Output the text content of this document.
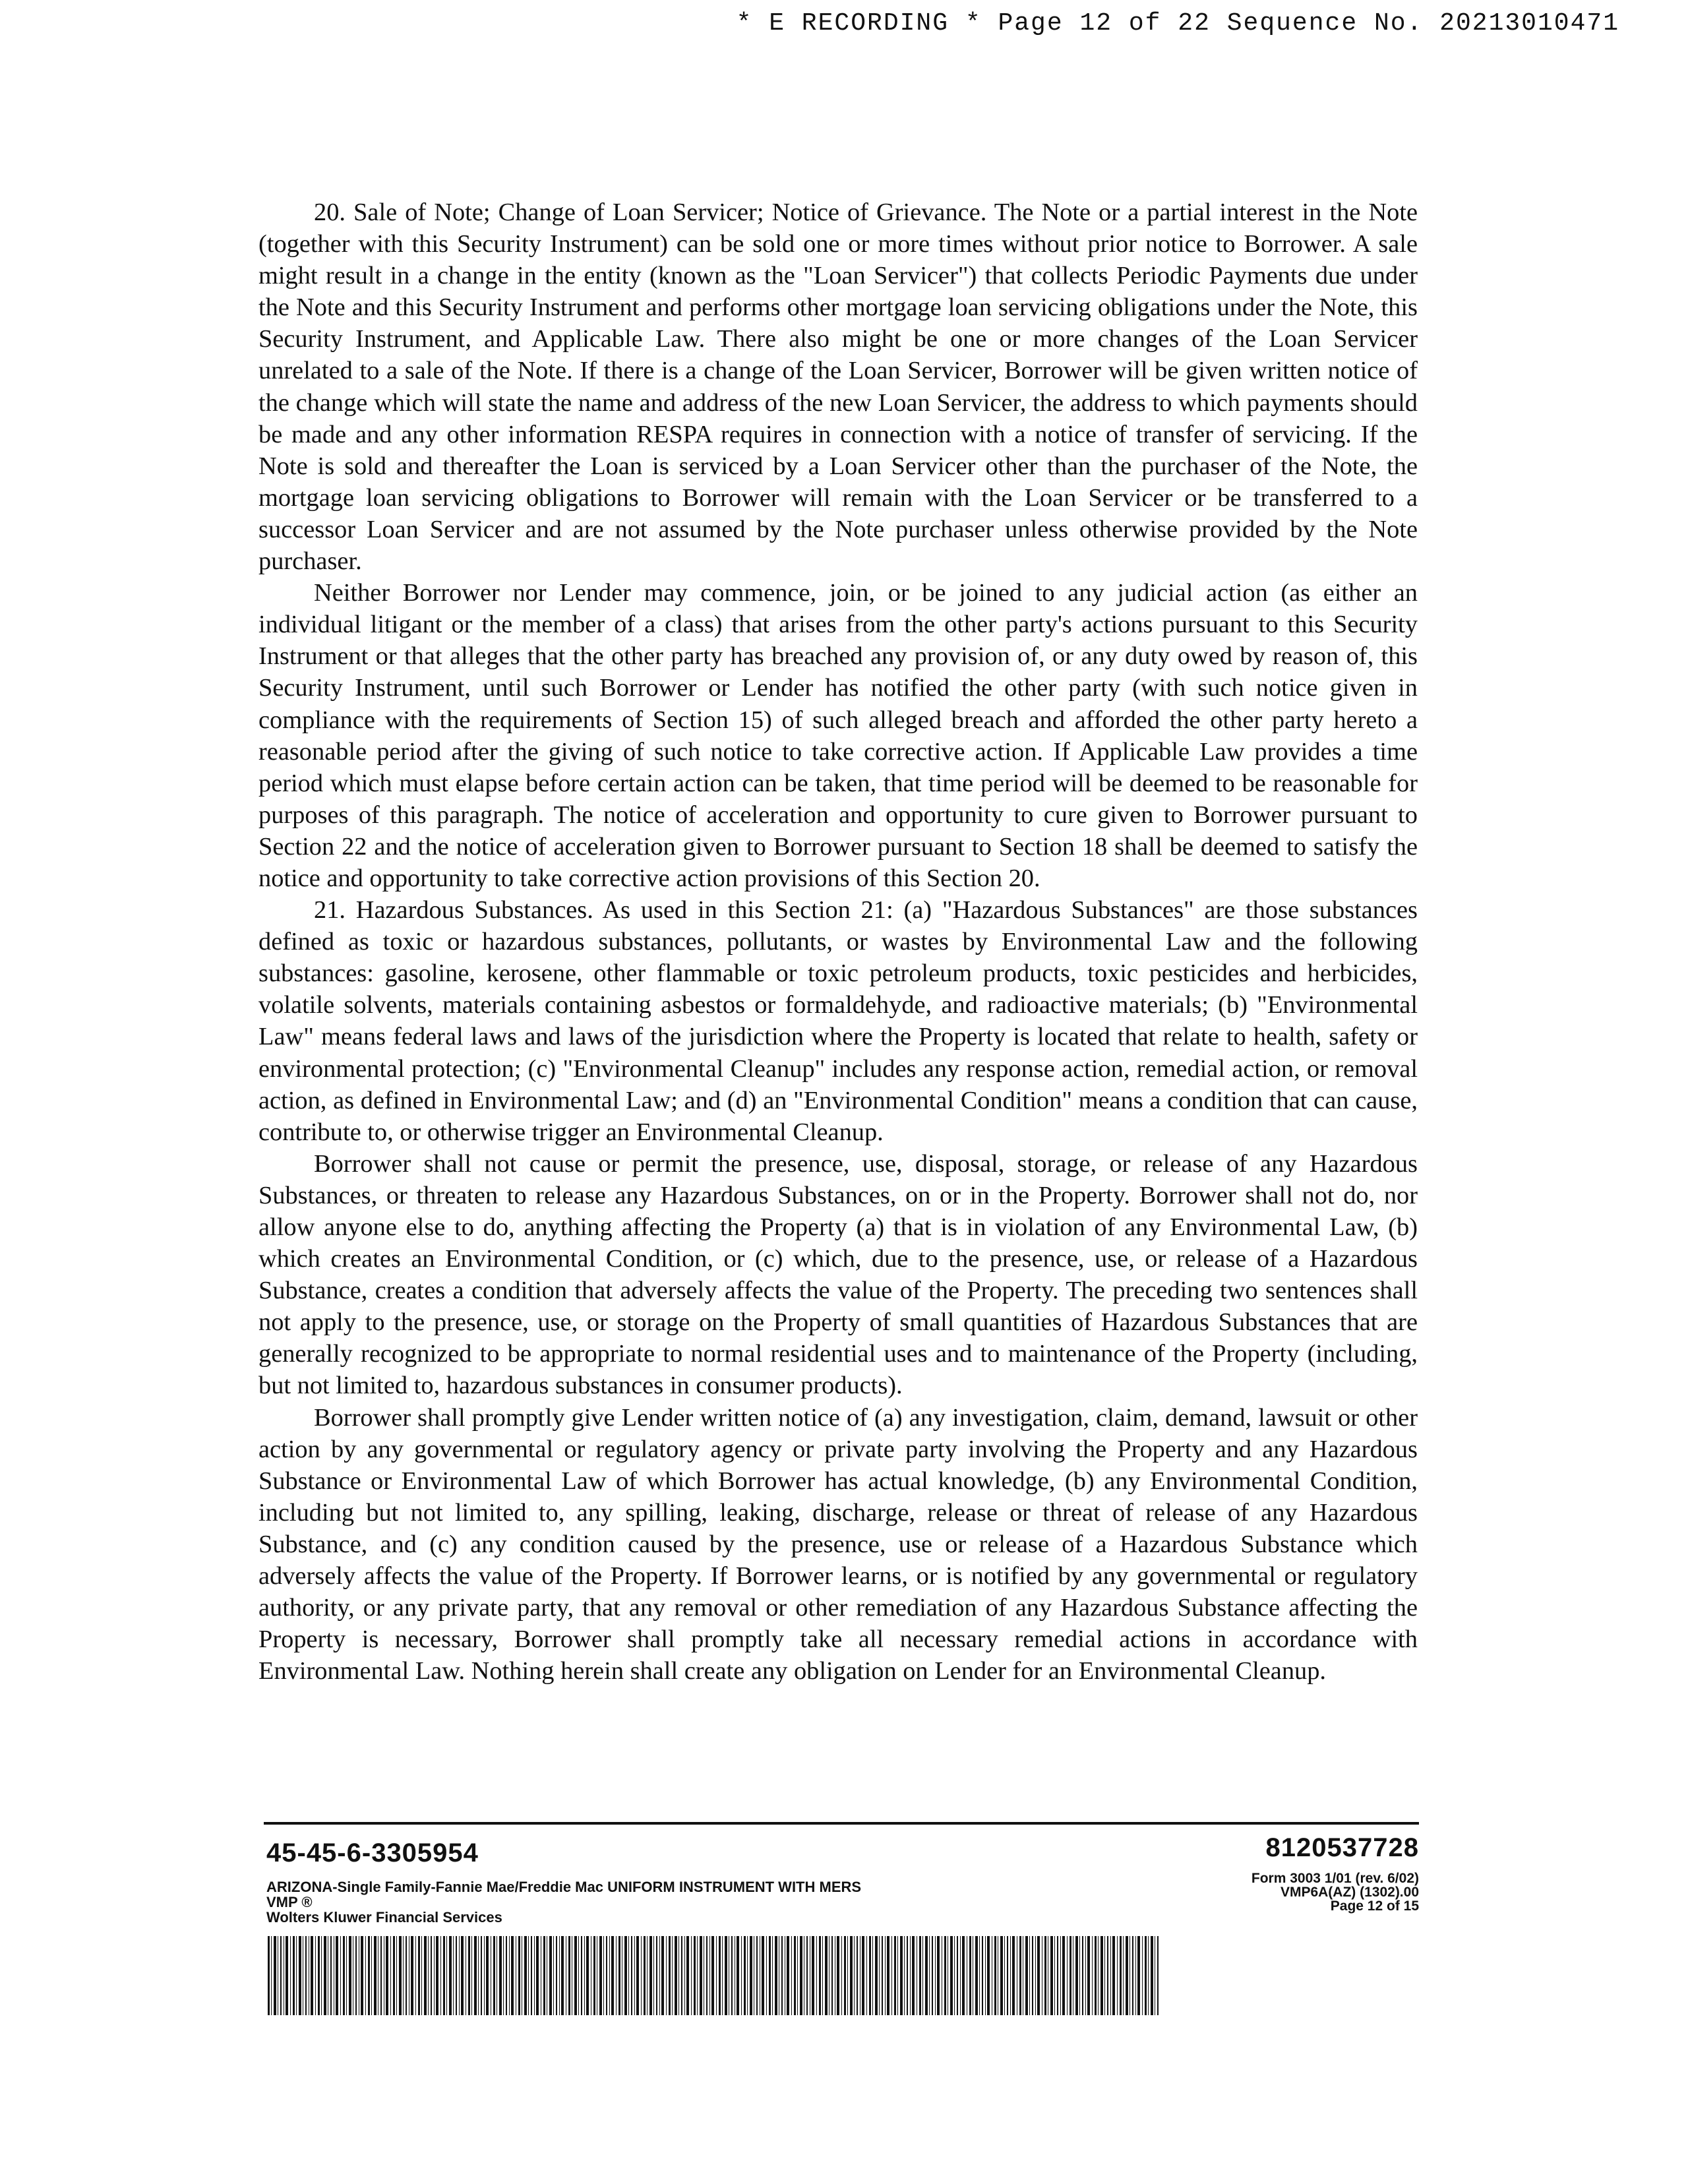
* E RECORDING * Page 12 of 22 Sequence No. 20213010471

20. Sale of Note; Change of Loan Servicer; Notice of Grievance. The Note or a partial interest in the Note (together with this Security Instrument) can be sold one or more times without prior notice to Borrower. A sale might result in a change in the entity (known as the "Loan Servicer") that collects Periodic Payments due under the Note and this Security Instrument and performs other mortgage loan servicing obligations under the Note, this Security Instrument, and Applicable Law. There also might be one or more changes of the Loan Servicer unrelated to a sale of the Note. If there is a change of the Loan Servicer, Borrower will be given written notice of the change which will state the name and address of the new Loan Servicer, the address to which payments should be made and any other information RESPA requires in connection with a notice of transfer of servicing. If the Note is sold and thereafter the Loan is serviced by a Loan Servicer other than the purchaser of the Note, the mortgage loan servicing obligations to Borrower will remain with the Loan Servicer or be transferred to a successor Loan Servicer and are not assumed by the Note purchaser unless otherwise provided by the Note purchaser.

Neither Borrower nor Lender may commence, join, or be joined to any judicial action (as either an individual litigant or the member of a class) that arises from the other party's actions pursuant to this Security Instrument or that alleges that the other party has breached any provision of, or any duty owed by reason of, this Security Instrument, until such Borrower or Lender has notified the other party (with such notice given in compliance with the requirements of Section 15) of such alleged breach and afforded the other party hereto a reasonable period after the giving of such notice to take corrective action. If Applicable Law provides a time period which must elapse before certain action can be taken, that time period will be deemed to be reasonable for purposes of this paragraph. The notice of acceleration and opportunity to cure given to Borrower pursuant to Section 22 and the notice of acceleration given to Borrower pursuant to Section 18 shall be deemed to satisfy the notice and opportunity to take corrective action provisions of this Section 20.

21. Hazardous Substances. As used in this Section 21: (a) "Hazardous Substances" are those substances defined as toxic or hazardous substances, pollutants, or wastes by Environmental Law and the following substances: gasoline, kerosene, other flammable or toxic petroleum products, toxic pesticides and herbicides, volatile solvents, materials containing asbestos or formaldehyde, and radioactive materials; (b) "Environmental Law" means federal laws and laws of the jurisdiction where the Property is located that relate to health, safety or environmental protection; (c) "Environmental Cleanup" includes any response action, remedial action, or removal action, as defined in Environmental Law; and (d) an "Environmental Condition" means a condition that can cause, contribute to, or otherwise trigger an Environmental Cleanup.

Borrower shall not cause or permit the presence, use, disposal, storage, or release of any Hazardous Substances, or threaten to release any Hazardous Substances, on or in the Property. Borrower shall not do, nor allow anyone else to do, anything affecting the Property (a) that is in violation of any Environmental Law, (b) which creates an Environmental Condition, or (c) which, due to the presence, use, or release of a Hazardous Substance, creates a condition that adversely affects the value of the Property. The preceding two sentences shall not apply to the presence, use, or storage on the Property of small quantities of Hazardous Substances that are generally recognized to be appropriate to normal residential uses and to maintenance of the Property (including, but not limited to, hazardous substances in consumer products).

Borrower shall promptly give Lender written notice of (a) any investigation, claim, demand, lawsuit or other action by any governmental or regulatory agency or private party involving the Property and any Hazardous Substance or Environmental Law of which Borrower has actual knowledge, (b) any Environmental Condition, including but not limited to, any spilling, leaking, discharge, release or threat of release of any Hazardous Substance, and (c) any condition caused by the presence, use or release of a Hazardous Substance which adversely affects the value of the Property. If Borrower learns, or is notified by any governmental or regulatory authority, or any private party, that any removal or other remediation of any Hazardous Substance affecting the Property is necessary, Borrower shall promptly take all necessary remedial actions in accordance with Environmental Law. Nothing herein shall create any obligation on Lender for an Environmental Cleanup.

45-45-6-3305954
ARIZONA-Single Family-Fannie Mae/Freddie Mac UNIFORM INSTRUMENT WITH MERS
VMP ®
Wolters Kluwer Financial Services
8120537728
Form 3003 1/01 (rev. 6/02)
VMP6A(AZ) (1302).00
Page 12 of 15
